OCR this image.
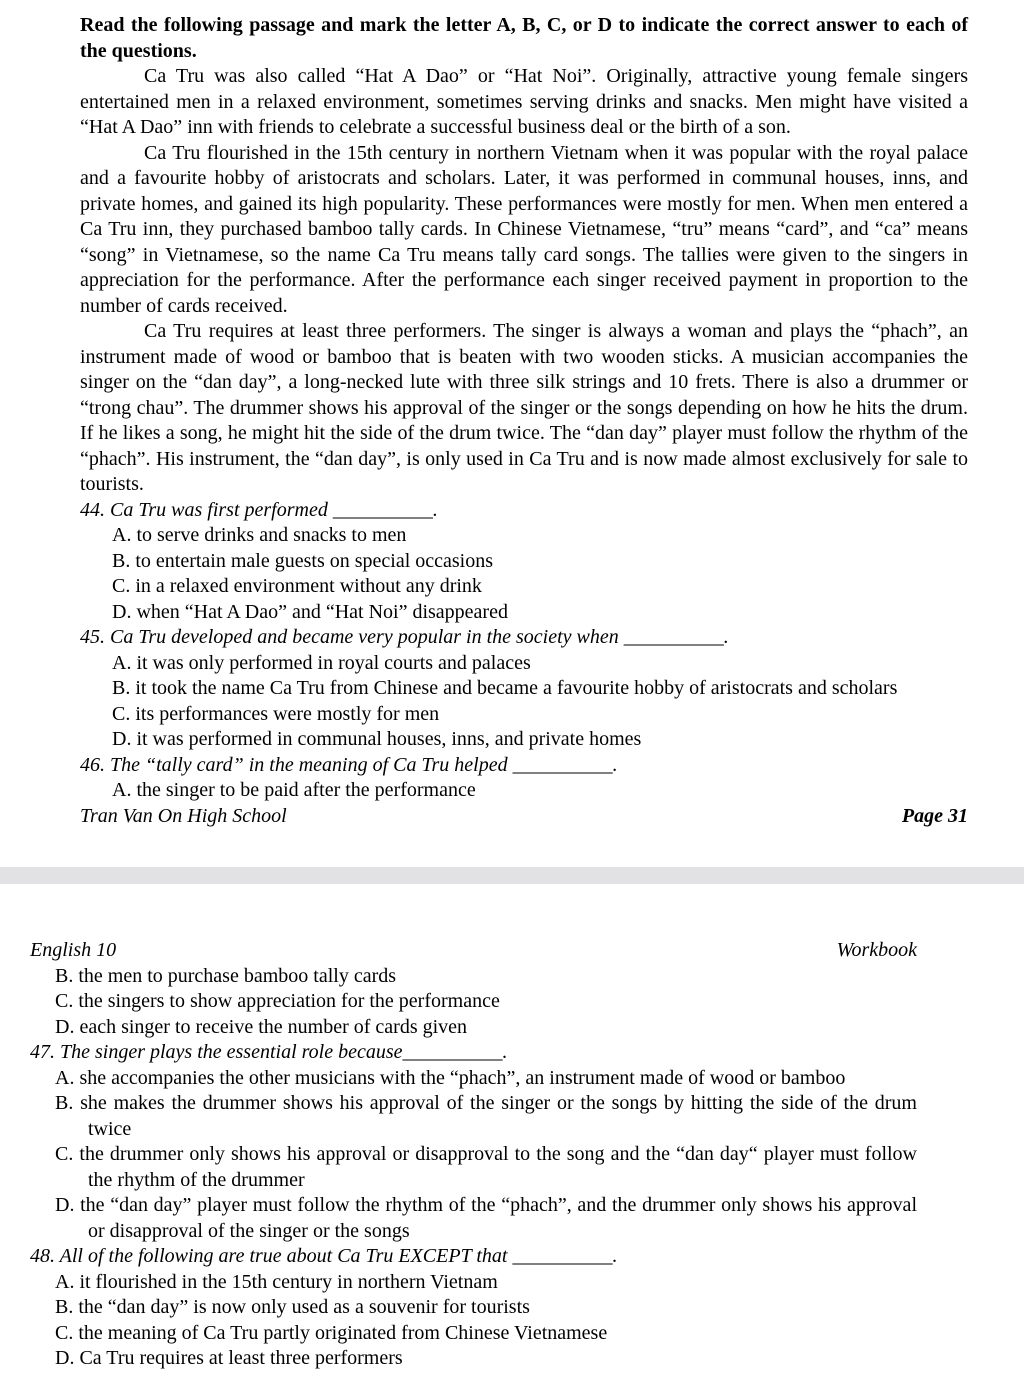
Read the following passage and mark the letter A, B, C, or D to indicate the correct answer to each of the questions.

Ca Tru was also called “Hat A Dao” or “Hat Noi”. Originally, attractive young female singers entertained men in a relaxed environment, sometimes serving drinks and snacks. Men might have visited a “Hat A Dao” inn with friends to celebrate a successful business deal or the birth of a son.

Ca Tru flourished in the 15th century in northern Vietnam when it was popular with the royal palace and a favourite hobby of aristocrats and scholars. Later, it was performed in communal houses, inns, and private homes, and gained its high popularity. These performances were mostly for men. When men entered a Ca Tru inn, they purchased bamboo tally cards. In Chinese Vietnamese, “tru” means “card”, and “ca” means “song” in Vietnamese, so the name Ca Tru means tally card songs. The tallies were given to the singers in appreciation for the performance. After the performance each singer received payment in proportion to the number of cards received.

Ca Tru requires at least three performers. The singer is always a woman and plays the “phach”, an instrument made of wood or bamboo that is beaten with two wooden sticks. A musician accompanies the singer on the “dan day”, a long-necked lute with three silk strings and 10 frets. There is also a drummer or “trong chau”. The drummer shows his approval of the singer or the songs depending on how he hits the drum. If he likes a song, he might hit the side of the drum twice. The “dan day” player must follow the rhythm of the “phach”. His instrument, the “dan day”, is only used in Ca Tru and is now made almost exclusively for sale to tourists.

44. Ca Tru was first performed __________.

A. to serve drinks and snacks to men

B. to entertain male guests on special occasions

C. in a relaxed environment without any drink

D. when “Hat A Dao” and “Hat Noi” disappeared

45. Ca Tru developed and became very popular in the society when __________.

A. it was only performed in royal courts and palaces

B. it took the name Ca Tru from Chinese and became a favourite hobby of aristocrats and scholars

C. its performances were mostly for men

D. it was performed in communal houses, inns, and private homes

46. The “tally card” in the meaning of Ca Tru helped __________.

A. the singer to be paid after the performance

Tran Van On High School	Page 31
English 10	Workbook

B. the men to purchase bamboo tally cards

C. the singers to show appreciation for the performance

D. each singer to receive the number of cards given

47. The singer plays the essential role because__________.

A. she accompanies the other musicians with the “phach”, an instrument made of wood or bamboo

B. she makes the drummer shows his approval of the singer or the songs by hitting the side of the drum twice

C. the drummer only shows his approval or disapproval to the song and the “dan day“ player must follow the rhythm of the drummer

D. the “dan day” player must follow the rhythm of the “phach”, and the drummer only shows his approval or disapproval of the singer or the songs

48. All of the following are true about Ca Tru EXCEPT that __________.

A. it flourished in the 15th century in northern Vietnam

B. the “dan day” is now only used as a souvenir for tourists

C. the meaning of Ca Tru partly originated from Chinese Vietnamese

D. Ca Tru requires at least three performers
